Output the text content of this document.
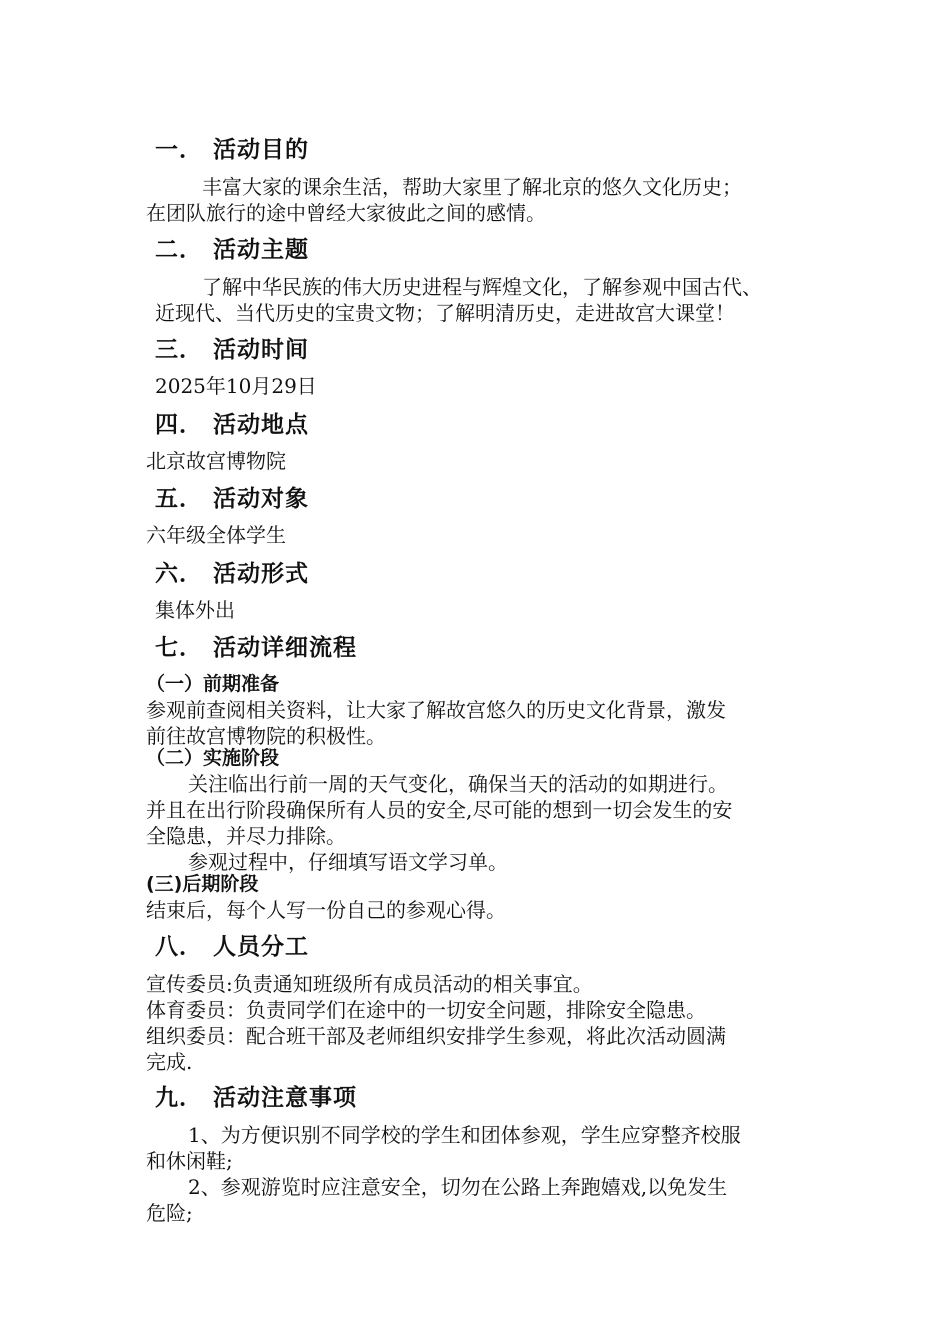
一． 活动目的
丰富大家的课余生活，帮助大家里了解北京的悠久文化历史；
在团队旅行的途中曾经大家彼此之间的感情。
二． 活动主题
了解中华民族的伟大历史进程与辉煌文化，了解参观中国古代、
近现代、当代历史的宝贵文物；了解明清历史，走进故宫大课堂！
三． 活动时间
2025年10月29日
四． 活动地点
北京故宫博物院
五． 活动对象
六年级全体学生
六． 活动形式
集体外出
七． 活动详细流程
（一）前期准备
参观前查阅相关资料，让大家了解故宫悠久的历史文化背景，激发
前往故宫博物院的积极性。
（二）实施阶段
关注临出行前一周的天气变化，确保当天的活动的如期进行。
并且在出行阶段确保所有人员的安全,尽可能的想到一切会发生的安
全隐患，并尽力排除。
参观过程中，仔细填写语文学习单。
(三)后期阶段
结束后，每个人写一份自己的参观心得。
八． 人员分工
宣传委员:负责通知班级所有成员活动的相关事宜。
体育委员：负责同学们在途中的一切安全问题，排除安全隐患。
组织委员：配合班干部及老师组织安排学生参观，将此次活动圆满
完成.
九． 活动注意事项
1、为方便识别不同学校的学生和团体参观，学生应穿整齐校服
和休闲鞋;
2、参观游览时应注意安全，切勿在公路上奔跑嬉戏,以免发生
危险;
